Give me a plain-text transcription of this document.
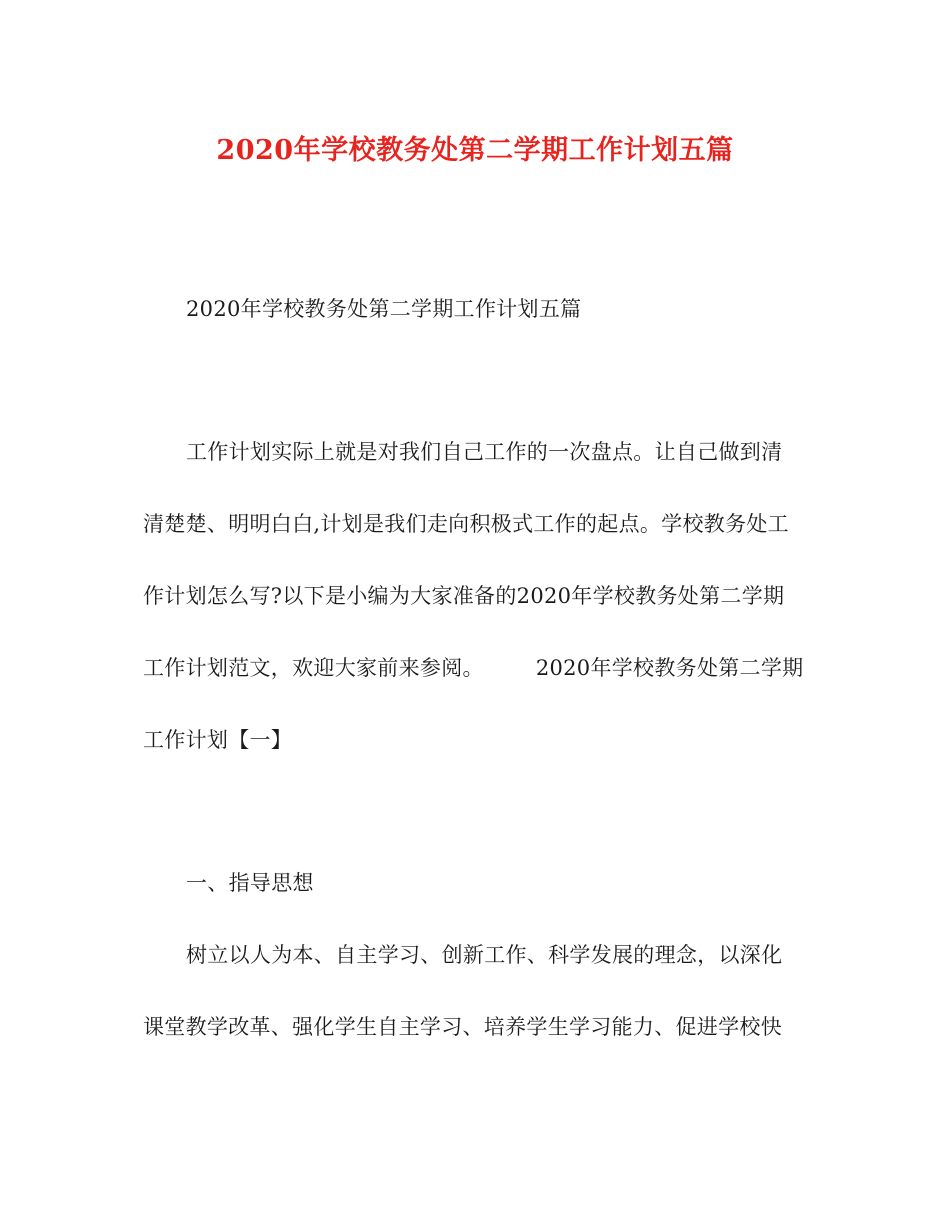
2020年学校教务处第二学期工作计划五篇
2020年学校教务处第二学期工作计划五篇
工作计划实际上就是对我们自己工作的一次盘点。让自己做到清
清楚楚、明明白白,计划是我们走向积极式工作的起点。学校教务处工
作计划怎么写?以下是小编为大家准备的2020年学校教务处第二学期
工作计划范文，欢迎大家前来参阅。 2020年学校教务处第二学期
工作计划【一】
一、指导思想
树立以人为本、自主学习、创新工作、科学发展的理念，以深化
课堂教学改革、强化学生自主学习、培养学生学习能力、促进学校快
